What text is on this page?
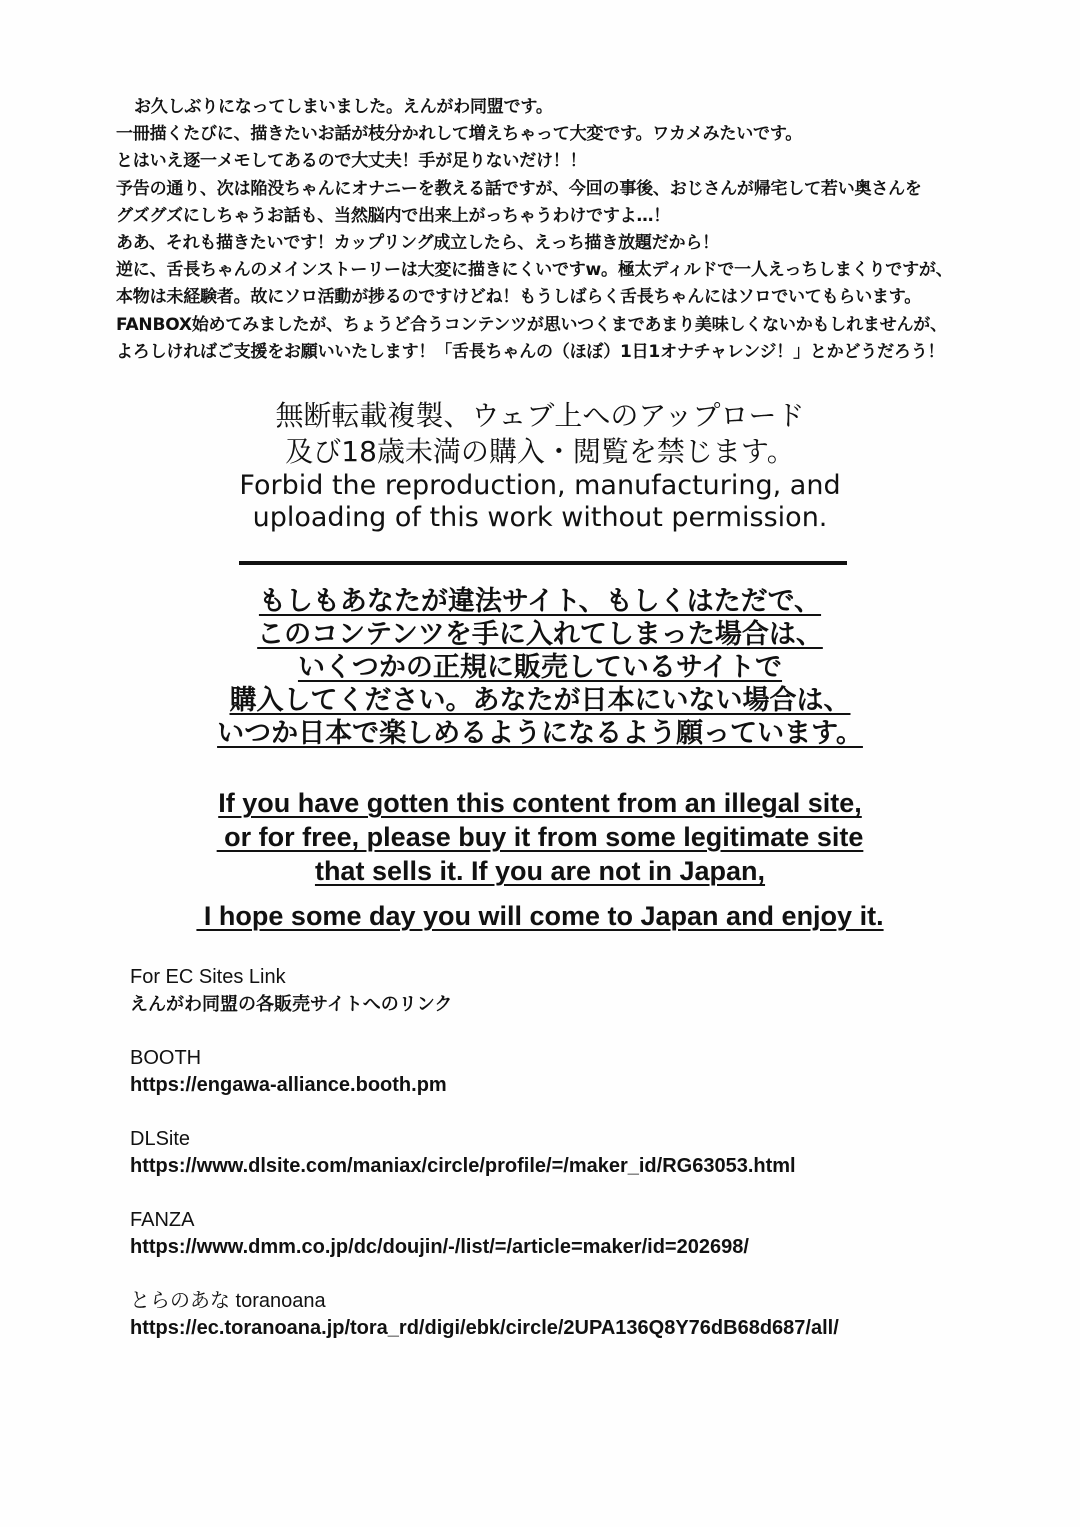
お久しぶりになってしまいました。えんがわ同盟です。
一冊描くたびに、描きたいお話が枝分かれして増えちゃって大変です。ワカメみたいです。
とはいえ逐一メモしてあるので大丈夫！手が足りないだけ！！
予告の通り、次は陥没ちゃんにオナニーを教える話ですが、今回の事後、おじさんが帰宅して若い奥さんを
グズグズにしちゃうお話も、当然脳内で出来上がっちゃうわけですよ…！
ああ、それも描きたいです！カップリング成立したら、えっち描き放題だから！
逆に、舌長ちゃんのメインストーリーは大変に描きにくいですw。極太ディルドで一人えっちしまくりですが、
本物は未経験者。故にソロ活動が捗るのですけどね！もうしばらく舌長ちゃんにはソロでいてもらいます。
FANBOX始めてみましたが、ちょうど合うコンテンツが思いつくまであまり美味しくないかもしれませんが、
よろしければご支援をお願いいたします！「舌長ちゃんの（ほぼ）1日1オナチャレンジ！」とかどうだろう！
無断転載複製、ウェブ上へのアップロード
及び18歳未満の購入・閲覧を禁じます。
Forbid the reproduction, manufacturing, and
uploading of this work without permission.
もしもあなたが違法サイト、もしくはただで、
このコンテンツを手に入れてしまった場合は、
いくつかの正規に販売しているサイトで
購入してください。あなたが日本にいない場合は、
いつか日本で楽しめるようになるよう願っています。
If you have gotten this content from an illegal site,
or for free, please buy it from some legitimate site
that sells it. If you are not in Japan,
I hope some day you will come to Japan and enjoy it.
For EC Sites Link
えんがわ同盟の各販売サイトへのリンク
BOOTH
https://engawa-alliance.booth.pm
DLSite
https://www.dlsite.com/maniax/circle/profile/=/maker_id/RG63053.html
FANZA
https://www.dmm.co.jp/dc/doujin/-/list/=/article=maker/id=202698/
とらのあな toranoana
https://ec.toranoana.jp/tora_rd/digi/ebk/circle/2UPA136Q8Y76dB68d687/all/
